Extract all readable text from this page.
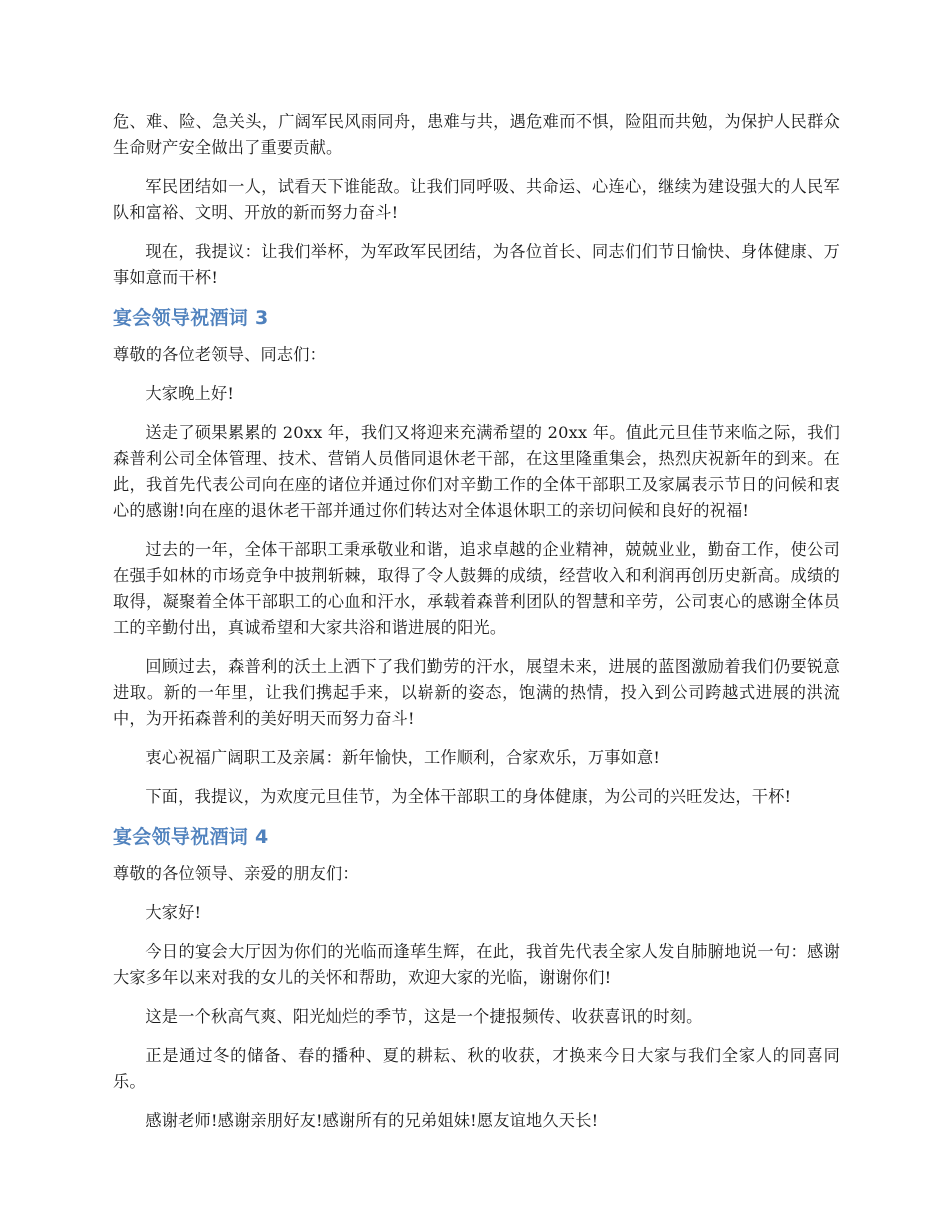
危、难、险、急关头，广阔军民风雨同舟，患难与共，遇危难而不惧，险阻而共勉，为保护人民群众生命财产安全做出了重要贡献。

军民团结如一人，试看天下谁能敌。让我们同呼吸、共命运、心连心，继续为建设强大的人民军队和富裕、文明、开放的新而努力奋斗!

现在，我提议：让我们举杯，为军政军民团结，为各位首长、同志们们节日愉快、身体健康、万事如意而干杯!

宴会领导祝酒词 3

尊敬的各位老领导、同志们：

大家晚上好!

送走了硕果累累的 20xx 年，我们又将迎来充满希望的 20xx 年。值此元旦佳节来临之际，我们森普利公司全体管理、技术、营销人员偕同退休老干部，在这里隆重集会，热烈庆祝新年的到来。在此，我首先代表公司向在座的诸位并通过你们对辛勤工作的全体干部职工及家属表示节日的问候和衷心的感谢!向在座的退休老干部并通过你们转达对全体退休职工的亲切问候和良好的祝福!

过去的一年，全体干部职工秉承敬业和谐，追求卓越的企业精神，兢兢业业，勤奋工作，使公司在强手如林的市场竞争中披荆斩棘，取得了令人鼓舞的成绩，经营收入和利润再创历史新高。成绩的取得，凝聚着全体干部职工的心血和汗水，承载着森普利团队的智慧和辛劳，公司衷心的感谢全体员工的辛勤付出，真诚希望和大家共浴和谐进展的阳光。

回顾过去，森普利的沃土上洒下了我们勤劳的汗水，展望未来，进展的蓝图激励着我们仍要锐意进取。新的一年里，让我们携起手来，以崭新的姿态，饱满的热情，投入到公司跨越式进展的洪流中，为开拓森普利的美好明天而努力奋斗!

衷心祝福广阔职工及亲属：新年愉快，工作顺利，合家欢乐，万事如意!

下面，我提议，为欢度元旦佳节，为全体干部职工的身体健康，为公司的兴旺发达，干杯!

宴会领导祝酒词 4

尊敬的各位领导、亲爱的朋友们：

大家好!

今日的宴会大厅因为你们的光临而逢荜生辉，在此，我首先代表全家人发自肺腑地说一句：感谢大家多年以来对我的女儿的关怀和帮助，欢迎大家的光临，谢谢你们!

这是一个秋高气爽、阳光灿烂的季节，这是一个捷报频传、收获喜讯的时刻。

正是通过冬的储备、春的播种、夏的耕耘、秋的收获，才换来今日大家与我们全家人的同喜同乐。

感谢老师!感谢亲朋好友!感谢所有的兄弟姐妹!愿友谊地久天长!
